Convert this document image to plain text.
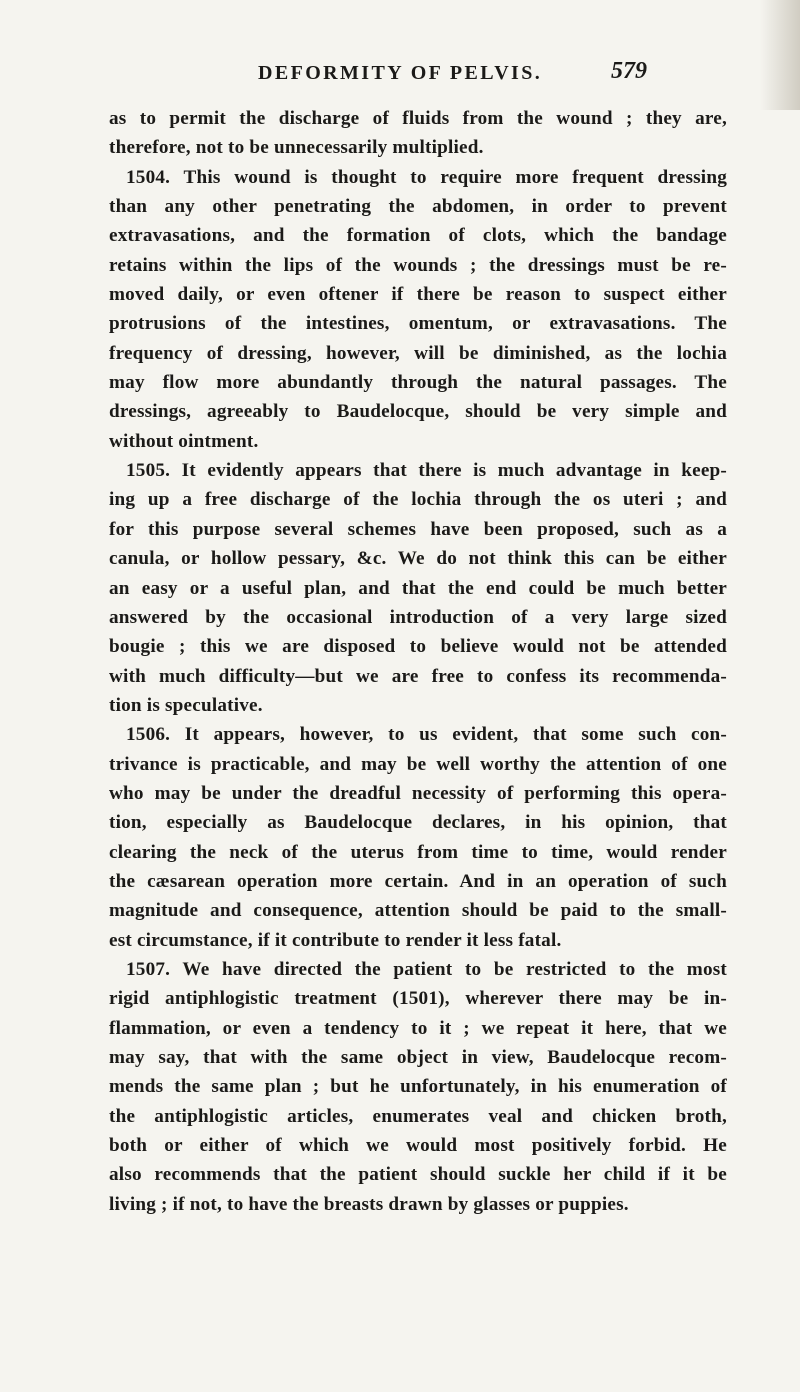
DEFORMITY OF PELVIS.	579
as to permit the discharge of fluids from the wound ; they are,
therefore, not to be unnecessarily multiplied.
1504. This wound is thought to require more frequent dressing
than any other penetrating the abdomen, in order to prevent
extravasations, and the formation of clots, which the bandage
retains within the lips of the wounds ; the dressings must be re-
moved daily, or even oftener if there be reason to suspect either
protrusions of the intestines, omentum, or extravasations. The
frequency of dressing, however, will be diminished, as the lochia
may flow more abundantly through the natural passages. The
dressings, agreeably to Baudelocque, should be very simple and
without ointment.
1505. It evidently appears that there is much advantage in keep-
ing up a free discharge of the lochia through the os uteri ; and
for this purpose several schemes have been proposed, such as a
canula, or hollow pessary, &c. We do not think this can be either
an easy or a useful plan, and that the end could be much better
answered by the occasional introduction of a very large sized
bougie ; this we are disposed to believe would not be attended
with much difficulty—but we are free to confess its recommenda-
tion is speculative.
1506. It appears, however, to us evident, that some such con-
trivance is practicable, and may be well worthy the attention of one
who may be under the dreadful necessity of performing this opera-
tion, especially as Baudelocque declares, in his opinion, that
clearing the neck of the uterus from time to time, would render
the cæsarean operation more certain. And in an operation of such
magnitude and consequence, attention should be paid to the small-
est circumstance, if it contribute to render it less fatal.
1507. We have directed the patient to be restricted to the most
rigid antiphlogistic treatment (1501), wherever there may be in-
flammation, or even a tendency to it ; we repeat it here, that we
may say, that with the same object in view, Baudelocque recom-
mends the same plan ; but he unfortunately, in his enumeration of
the antiphlogistic articles, enumerates veal and chicken broth,
both or either of which we would most positively forbid. He
also recommends that the patient should suckle her child if it be
living ; if not, to have the breasts drawn by glasses or puppies.
